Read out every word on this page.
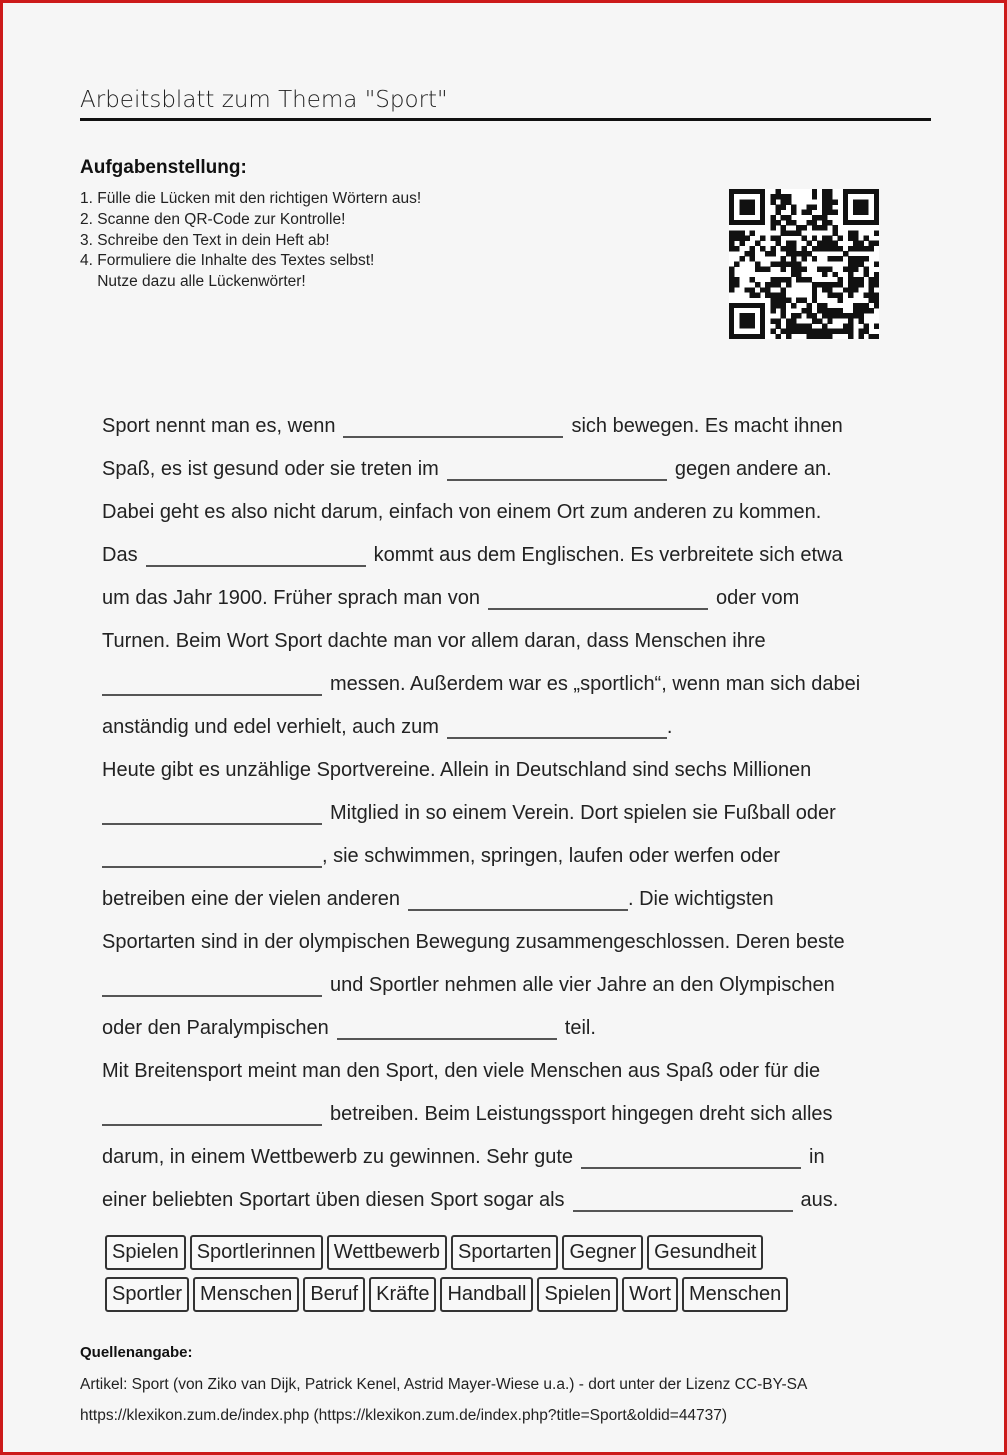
Arbeitsblatt zum Thema "Sport"
Aufgabenstellung:
1. Fülle die Lücken mit den richtigen Wörtern aus!
2. Scanne den QR-Code zur Kontrolle!
3. Schreibe den Text in dein Heft ab!
4. Formuliere die Inhalte des Textes selbst!
Nutze dazu alle Lückenwörter!
Sport nennt man es, wenn	sich bewegen. Es macht ihnen
Spaß, es ist gesund oder sie treten im	gegen andere an.
Dabei geht es also nicht darum, einfach von einem Ort zum anderen zu kommen.
Das	kommt aus dem Englischen. Es verbreitete sich etwa
um das Jahr 1900. Früher sprach man von	oder vom
Turnen. Beim Wort Sport dachte man vor allem daran, dass Menschen ihre
messen. Außerdem war es „sportlich“, wenn man sich dabei
anständig und edel verhielt, auch zum	.
Heute gibt es unzählige Sportvereine. Allein in Deutschland sind sechs Millionen
Mitglied in so einem Verein. Dort spielen sie Fußball oder
, sie schwimmen, springen, laufen oder werfen oder
betreiben eine der vielen anderen	. Die wichtigsten
Sportarten sind in der olympischen Bewegung zusammengeschlossen. Deren beste
und Sportler nehmen alle vier Jahre an den Olympischen
oder den Paralympischen	teil.
Mit Breitensport meint man den Sport, den viele Menschen aus Spaß oder für die
betreiben. Beim Leistungssport hingegen dreht sich alles
darum, in einem Wettbewerb zu gewinnen. Sehr gute	in
einer beliebten Sportart üben diesen Sport sogar als	aus.
Spielen Sportlerinnen Wettbewerb Sportarten Gegner Gesundheit
Sportler Menschen Beruf Kräfte Handball Spielen Wort Menschen
Quellenangabe:
Artikel: Sport (von Ziko van Dijk, Patrick Kenel, Astrid Mayer-Wiese u.a.) - dort unter der Lizenz CC-BY-SA
https://klexikon.zum.de/index.php (https://klexikon.zum.de/index.php?title=Sport&oldid=44737)
